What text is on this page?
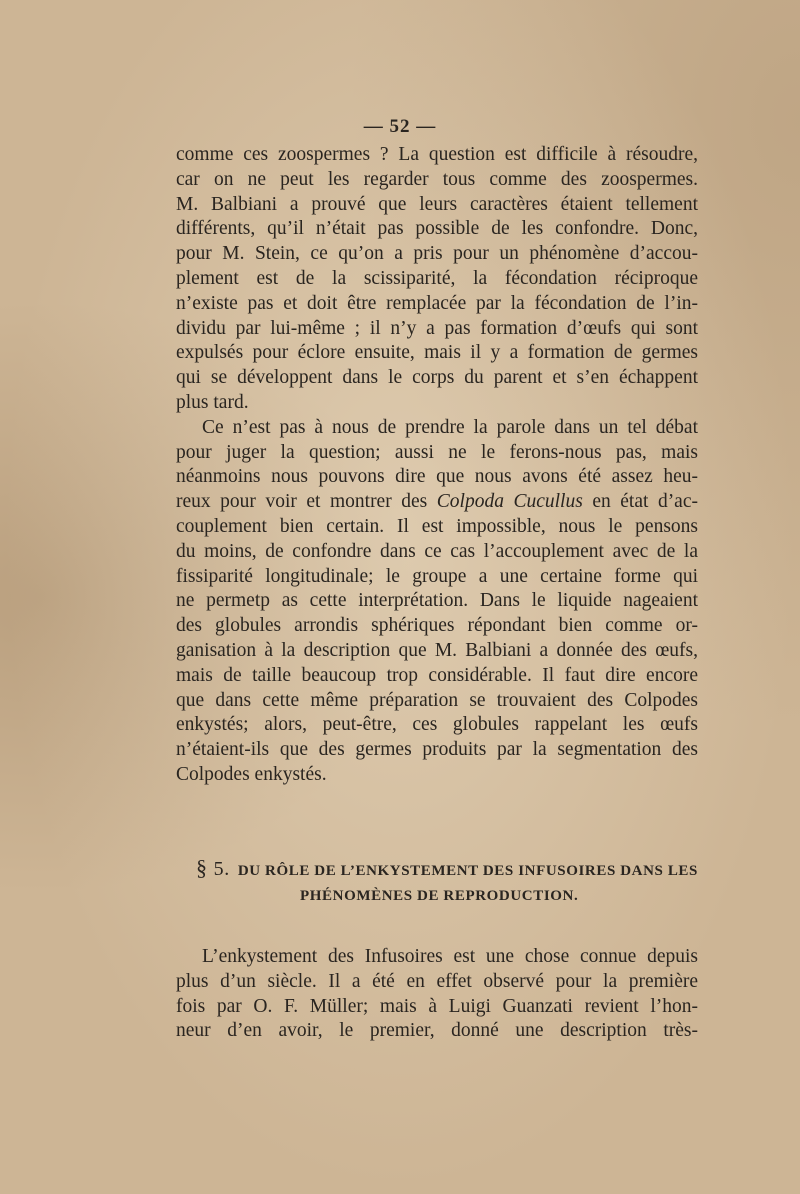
— 52 —
comme ces zoospermes ? La question est difficile à résoudre,
car on ne peut les regarder tous comme des zoospermes.
M. Balbiani a prouvé que leurs caractères étaient tellement
différents, qu’il n’était pas possible de les confondre. Donc,
pour M. Stein, ce qu’on a pris pour un phénomène d’accou-
plement est de la scissiparité, la fécondation réciproque
n’existe pas et doit être remplacée par la fécondation de l’in-
dividu par lui-même ; il n’y a pas formation d’œufs qui sont
expulsés pour éclore ensuite, mais il y a formation de germes
qui se développent dans le corps du parent et s’en échappent
plus tard.
Ce n’est pas à nous de prendre la parole dans un tel débat
pour juger la question; aussi ne le ferons-nous pas, mais
néanmoins nous pouvons dire que nous avons été assez heu-
reux pour voir et montrer des Colpoda Cucullus en état d’ac-
couplement bien certain. Il est impossible, nous le pensons
du moins, de confondre dans ce cas l’accouplement avec de la
fissiparité longitudinale; le groupe a une certaine forme qui
ne permetp as cette interprétation. Dans le liquide nageaient
des globules arrondis sphériques répondant bien comme or-
ganisation à la description que M. Balbiani a donnée des œufs,
mais de taille beaucoup trop considérable. Il faut dire encore
que dans cette même préparation se trouvaient des Colpodes
enkystés; alors, peut-être, ces globules rappelant les œufs
n’étaient-ils que des germes produits par la segmentation des
Colpodes enkystés.
§ 5. DU RÔLE DE L’ENKYSTEMENT DES INFUSOIRES DANS LES
PHÉNOMÈNES DE REPRODUCTION.
L’enkystement des Infusoires est une chose connue depuis
plus d’un siècle. Il a été en effet observé pour la première
fois par O. F. Müller; mais à Luigi Guanzati revient l’hon-
neur d’en avoir, le premier, donné une description très-
